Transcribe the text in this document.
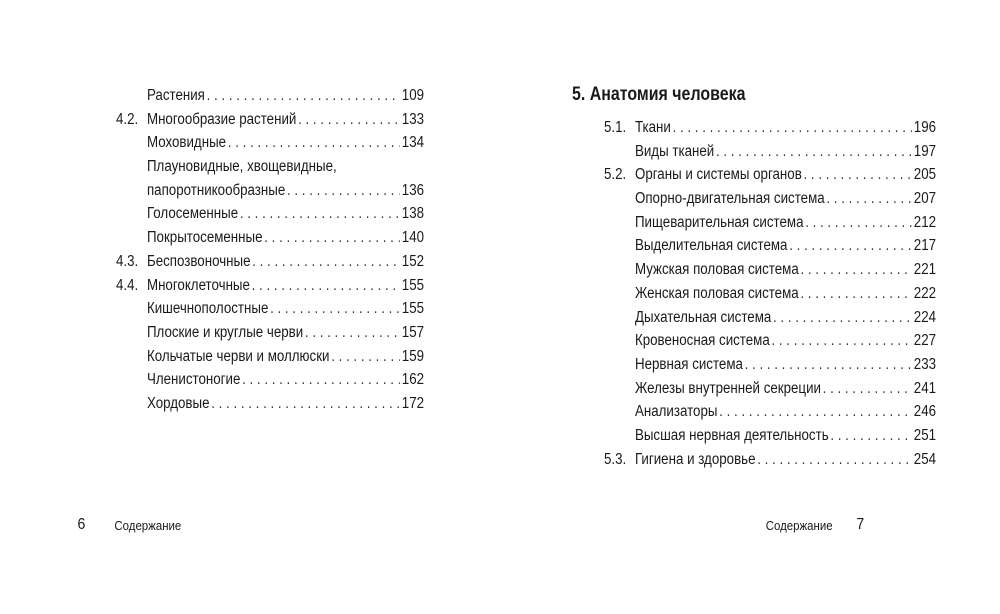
Растения . . .	109
4.2. Многообразие растений . . .	133
Моховидные . . .	134
Плауновидные, хвощевидные,
папоротникообразные . . .	136
Голосеменные . . .	138
Покрытосеменные . . .	140
4.3. Беспозвоночные . . .	152
4.4. Многоклеточные . . .	155
Кишечнополостные . . .	155
Плоские и круглые черви . . .	157
Кольчатые черви и моллюски . . .	159
Членистоногие . . .	162
Хордовые . . .	172
6 Содержание
5. Анатомия человека
5.1. Ткани . . .	196
Виды тканей . . .	197
5.2. Органы и системы органов . . .	205
Опорно-двигательная система . . .	207
Пищеварительная система . . .	212
Выделительная система . . .	217
Мужская половая система . . .	221
Женская половая система . . .	222
Дыхательная система . . .	224
Кровеносная система . . .	227
Нервная система . . .	233
Железы внутренней секреции . . .	241
Анализаторы . . .	246
Высшая нервная деятельность . . .	251
5.3. Гигиена и здоровье . . .	254
Содержание 7
